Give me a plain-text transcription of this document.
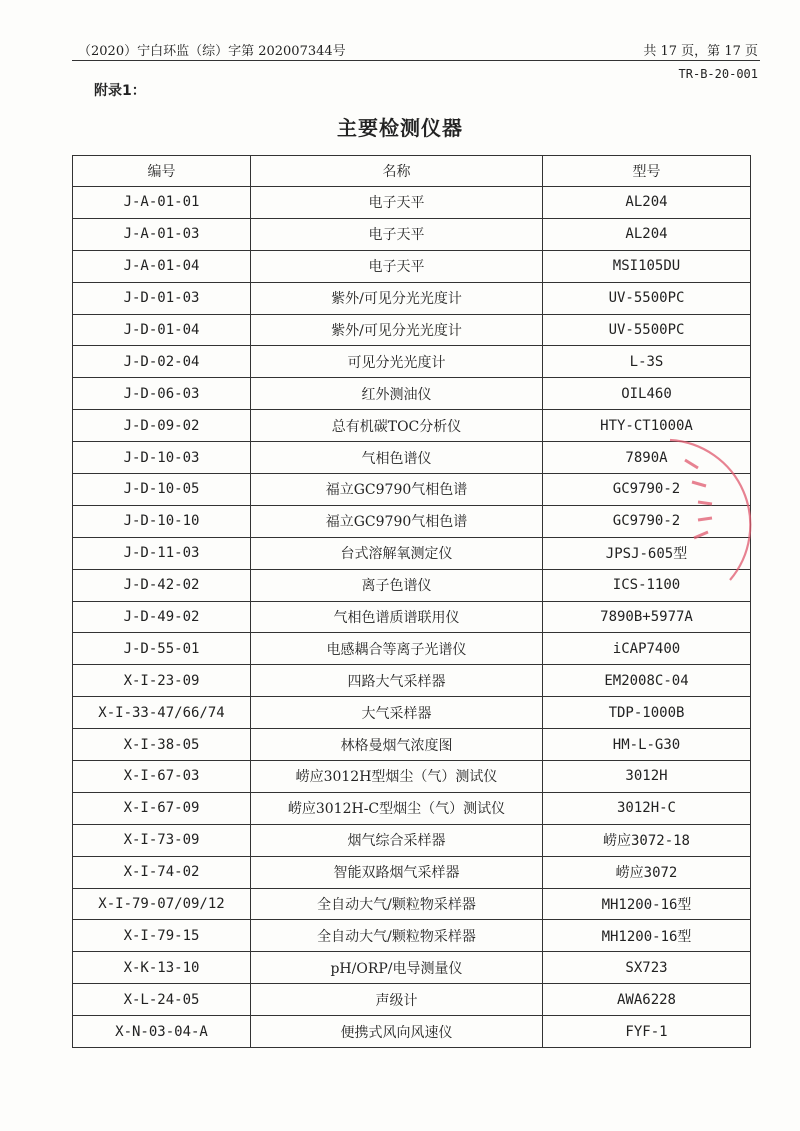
（2020）宁白环监（综）字第 202007344号	共 17 页，第 17 页
TR-B-20-001
附录1：
主要检测仪器
编号	名称	型号
J-A-01-01	电子天平	AL204
J-A-01-03	电子天平	AL204
J-A-01-04	电子天平	MSI105DU
J-D-01-03	紫外/可见分光光度计	UV-5500PC
J-D-01-04	紫外/可见分光光度计	UV-5500PC
J-D-02-04	可见分光光度计	L-3S
J-D-06-03	红外测油仪	OIL460
J-D-09-02	总有机碳TOC分析仪	HTY-CT1000A
J-D-10-03	气相色谱仪	7890A
J-D-10-05	福立GC9790气相色谱	GC9790-2
J-D-10-10	福立GC9790气相色谱	GC9790-2
J-D-11-03	台式溶解氧测定仪	JPSJ-605型
J-D-42-02	离子色谱仪	ICS-1100
J-D-49-02	气相色谱质谱联用仪	7890B+5977A
J-D-55-01	电感耦合等离子光谱仪	iCAP7400
X-I-23-09	四路大气采样器	EM2008C-04
X-I-33-47/66/74	大气采样器	TDP-1000B
X-I-38-05	林格曼烟气浓度图	HM-L-G30
X-I-67-03	崂应3012H型烟尘（气）测试仪	3012H
X-I-67-09	崂应3012H-C型烟尘（气）测试仪	3012H-C
X-I-73-09	烟气综合采样器	崂应3072-18
X-I-74-02	智能双路烟气采样器	崂应3072
X-I-79-07/09/12	全自动大气/颗粒物采样器	MH1200-16型
X-I-79-15	全自动大气/颗粒物采样器	MH1200-16型
X-K-13-10	pH/ORP/电导测量仪	SX723
X-L-24-05	声级计	AWA6228
X-N-03-04-A	便携式风向风速仪	FYF-1
